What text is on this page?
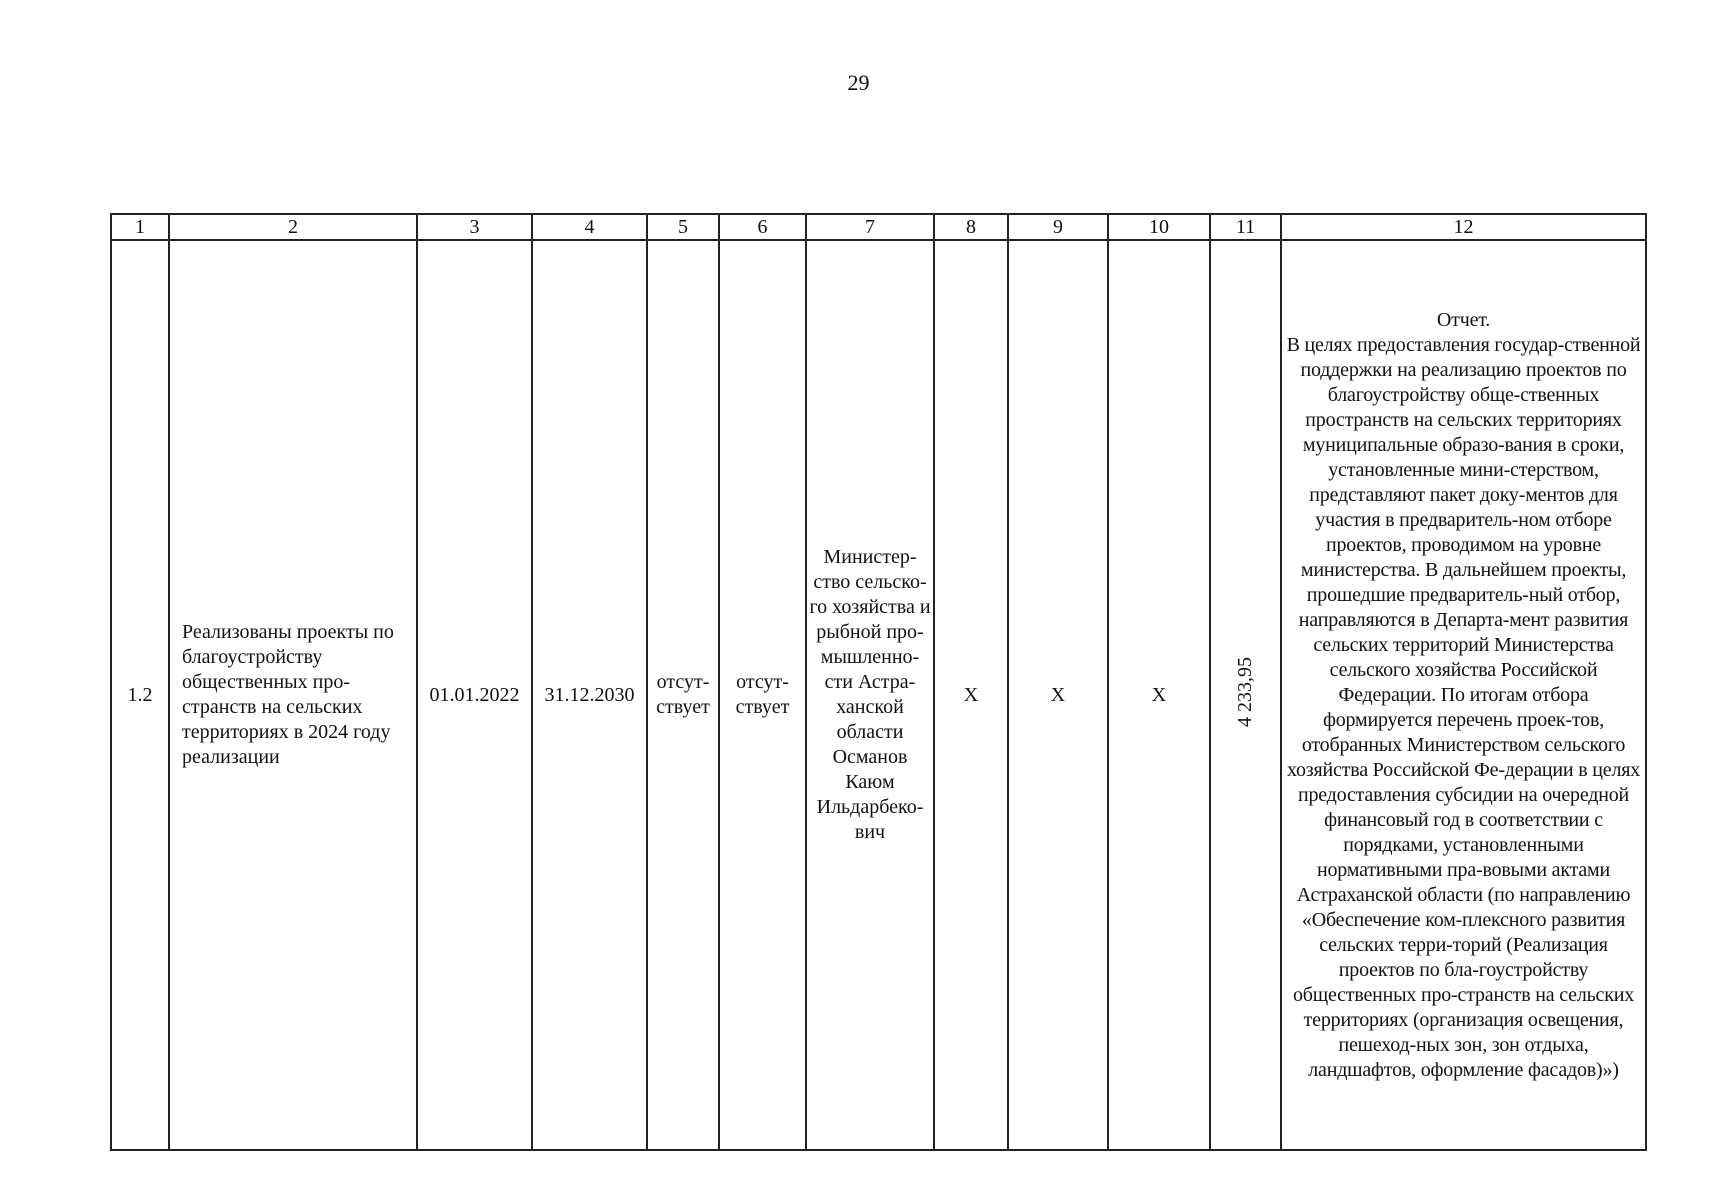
29
1	2	3	4	5	6	7	8	9	10	11	12
1.2	Реализованы проекты по благоустройству общественных про-странств на сельских территориях в 2024 году реализации	01.01.2022	31.12.2030	отсут-ствует	отсут-ствует	Министер-ство сельско-го хозяйства и рыбной про-мышленно-сти Астра-ханской области Османов Каюм Ильдарбеко-вич	X	X	X	4 233,95	Отчет.
В целях предоставления государ-ственной поддержки на реализацию проектов по благоустройству обще-ственных пространств на сельских территориях муниципальные образо-вания в сроки, установленные мини-стерством, представляют пакет доку-ментов для участия в предваритель-ном отборе проектов, проводимом на уровне министерства. В дальнейшем проекты, прошедшие предваритель-ный отбор, направляются в Департа-мент развития сельских территорий Министерства сельского хозяйства Российской Федерации. По итогам отбора формируется перечень проек-тов, отобранных Министерством сельского хозяйства Российской Фе-дерации в целях предоставления субсидии на очередной финансовый год в соответствии с порядками, установленными нормативными пра-вовыми актами Астраханской области (по направлению «Обеспечение ком-плексного развития сельских терри-торий (Реализация проектов по бла-гоустройству общественных про-странств на сельских территориях (организация освещения, пешеход-ных зон, зон отдыха, ландшафтов, оформление фасадов)»)
